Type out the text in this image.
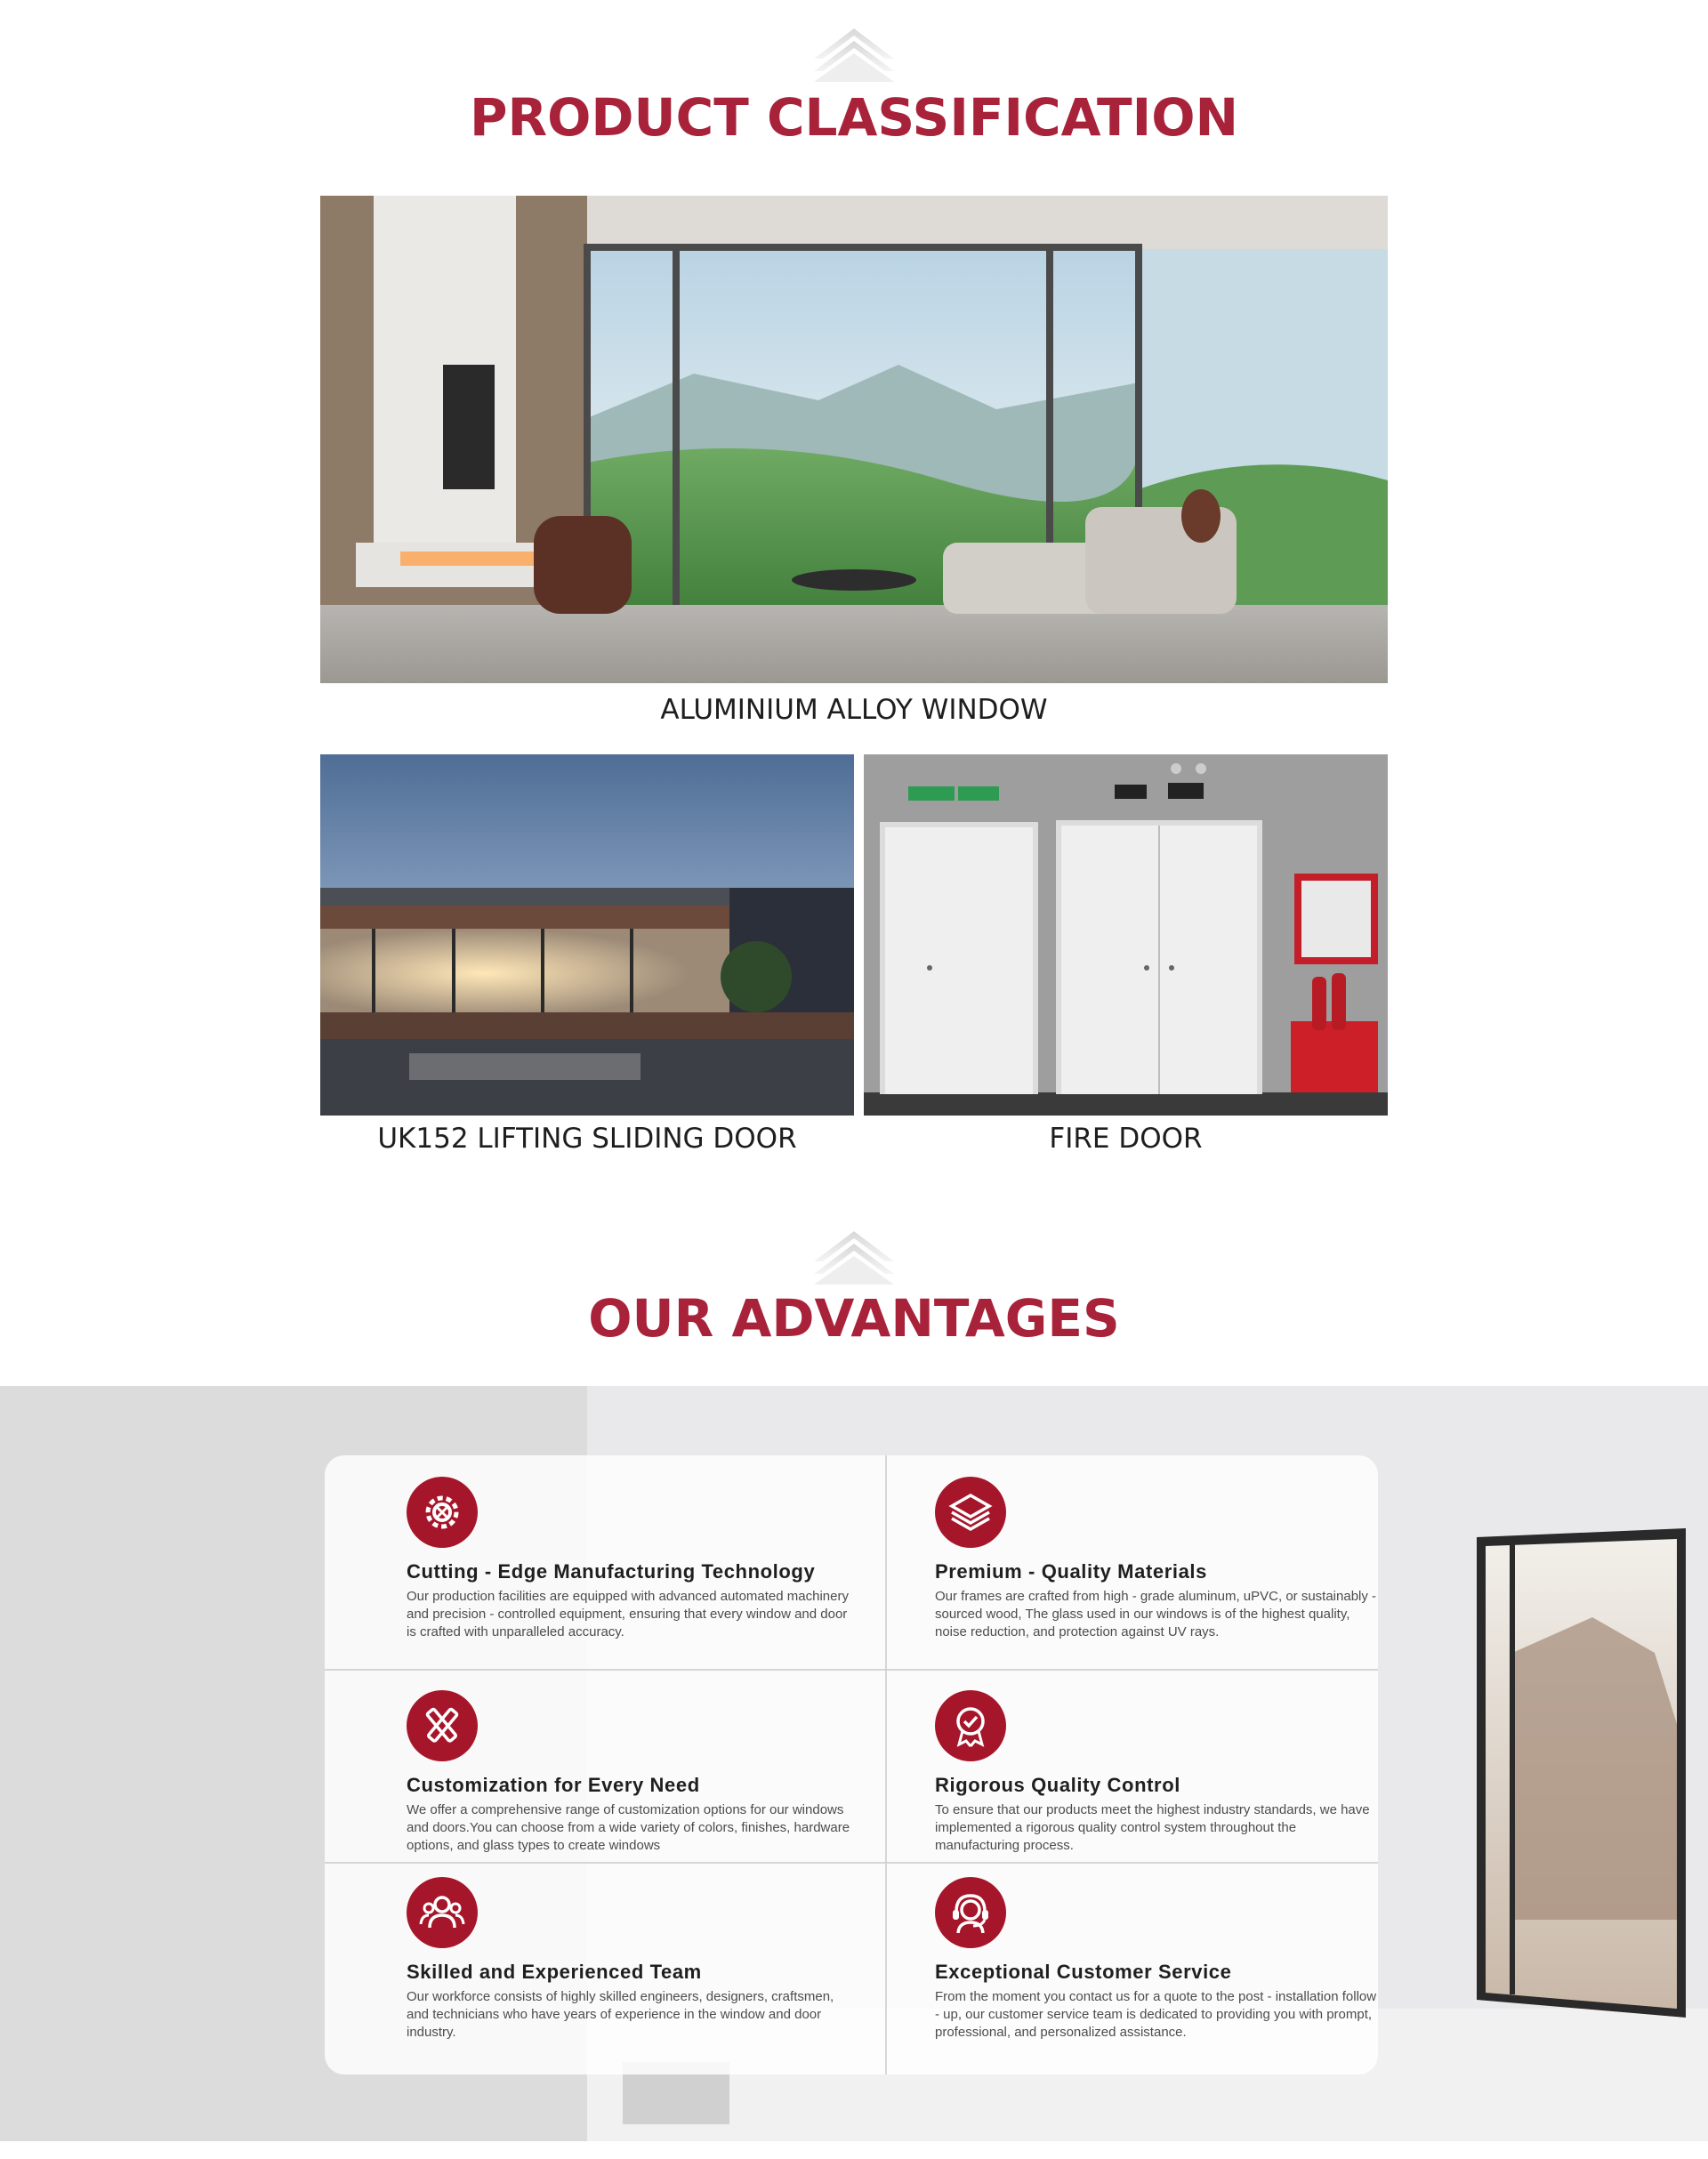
PRODUCT CLASSIFICATION
ALUMINIUM ALLOY WINDOW
UK152 LIFTING SLIDING DOOR	FIRE DOOR
OUR ADVANTAGES
Cutting - Edge Manufacturing Technology
Our production facilities are equipped with advanced automated machinery and precision - controlled equipment, ensuring that every window and door is crafted with unparalleled accuracy.
Premium - Quality Materials
Our frames are crafted from high - grade aluminum, uPVC, or sustainably - sourced wood, The glass used in our windows is of the highest quality, noise reduction, and protection against UV rays.
Customization for Every Need
We offer a comprehensive range of customization options for our windows and doors.You can choose from a wide variety of colors, finishes, hardware options, and glass types to create windows
Rigorous Quality Control
To ensure that our products meet the highest industry standards, we have implemented a rigorous quality control system throughout the manufacturing process.
Skilled and Experienced Team
Our workforce consists of highly skilled engineers, designers, craftsmen, and technicians who have years of experience in the window and door industry.
Exceptional Customer Service
From the moment you contact us for a quote to the post - installation follow - up, our customer service team is dedicated to providing you with prompt, professional, and personalized assistance.
